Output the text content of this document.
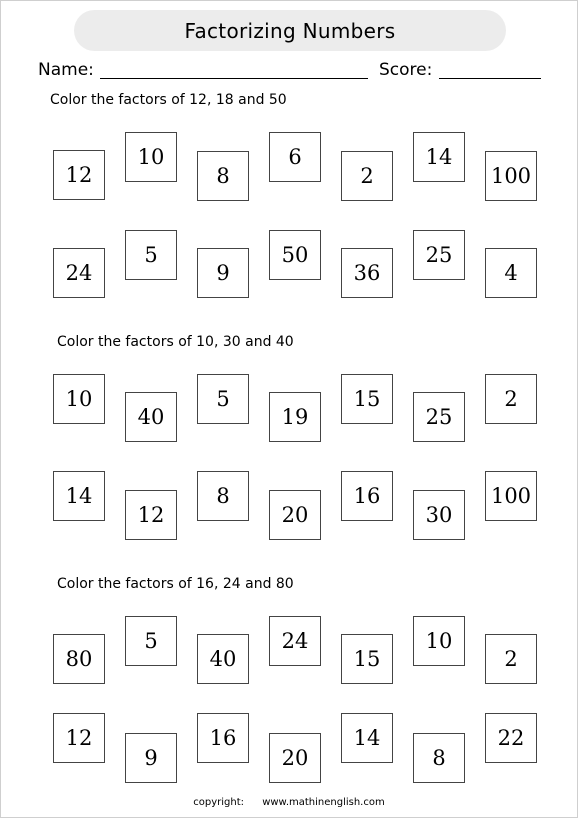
Factorizing Numbers
Name:	Score:
Color the factors of 12, 18 and 50
Color the factors of 10, 30 and 40
Color the factors of 16, 24 and 80
12
10
8
6
2
14
100
24
5
9
50
36
25
4
10
40
5
19
15
25
2
14
12
8
20
16
30
100
80
5
40
24
15
10
2
12
9
16
20
14
8
22
copyright: www.mathinenglish.com
